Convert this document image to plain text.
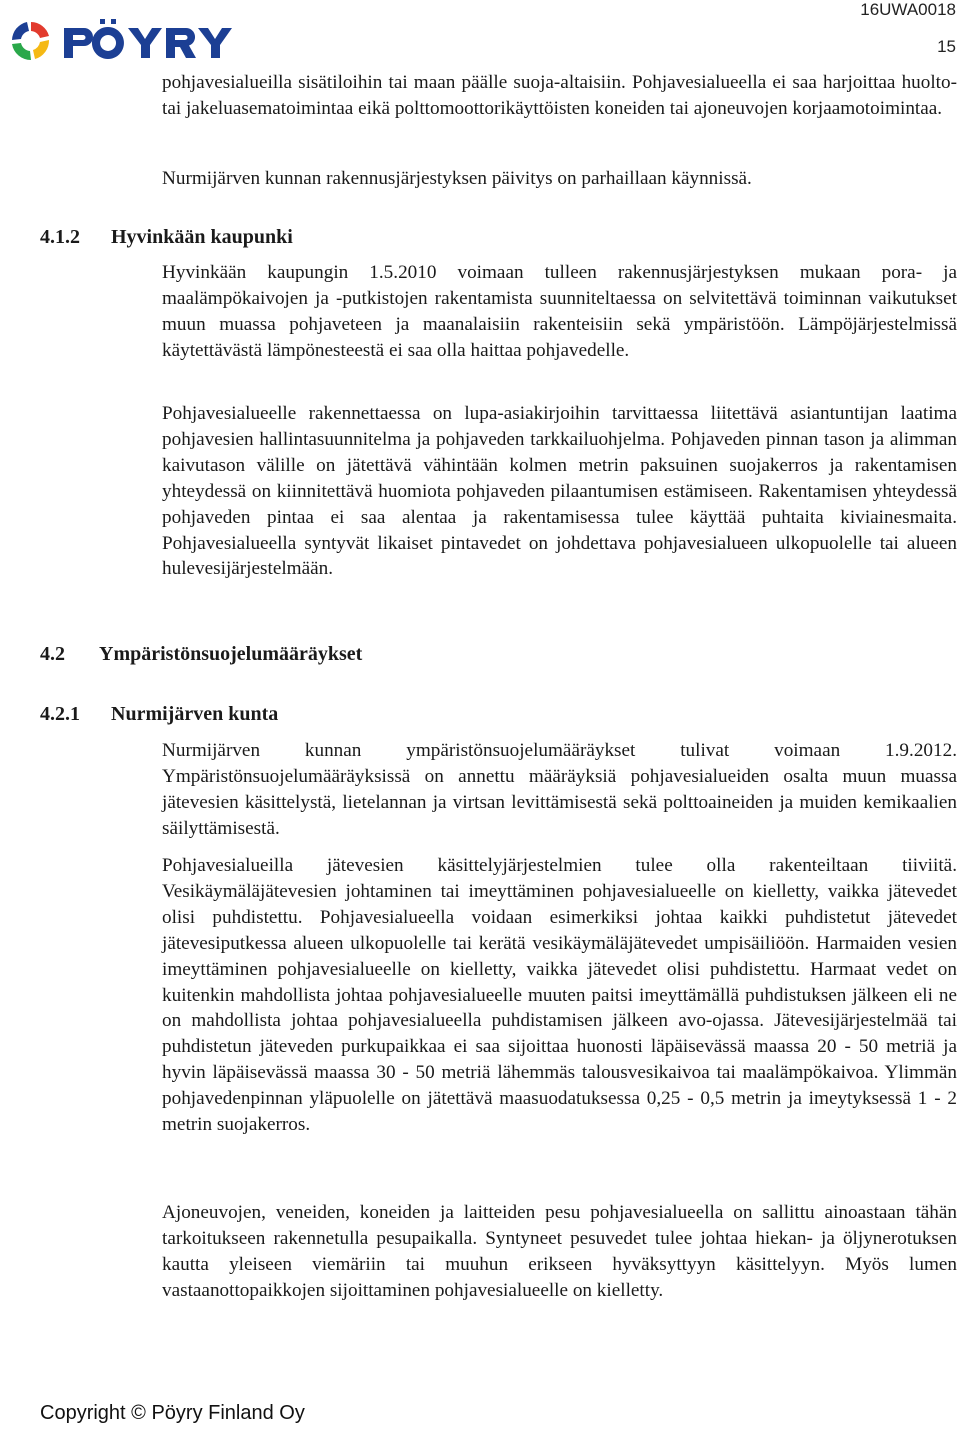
16UWA0018
15

pohjavesialueilla sisätiloihin tai maan päälle suoja-altaisiin. Pohjavesialueella ei saa harjoittaa huolto- tai jakeluasematoimintaa eikä polttomoottorikäyttöisten koneiden tai ajoneuvojen korjaamotoimintaa.

Nurmijärven kunnan rakennusjärjestyksen päivitys on parhaillaan käynnissä.

4.1.2 Hyvinkään kaupunki

Hyvinkään kaupungin 1.5.2010 voimaan tulleen rakennusjärjestyksen mukaan pora- ja maalämpökaivojen ja -putkistojen rakentamista suunniteltaessa on selvitettävä toiminnan vaikutukset muun muassa pohjaveteen ja maanalaisiin rakenteisiin sekä ympäristöön. Lämpöjärjestelmissä käytettävästä lämpönesteestä ei saa olla haittaa pohjavedelle.

Pohjavesialueelle rakennettaessa on lupa-asiakirjoihin tarvittaessa liitettävä asiantuntijan laatima pohjavesien hallintasuunnitelma ja pohjaveden tarkkailuohjelma. Pohjaveden pinnan tason ja alimman kaivutason välille on jätettävä vähintään kolmen metrin paksuinen suojakerros ja rakentamisen yhteydessä on kiinnitettävä huomiota pohjaveden pilaantumisen estämiseen. Rakentamisen yhteydessä pohjaveden pintaa ei saa alentaa ja rakentamisessa tulee käyttää puhtaita kiviainesmaita. Pohjavesialueella syntyvät likaiset pintavedet on johdettava pohjavesialueen ulkopuolelle tai alueen hulevesijärjestelmään.

4.2 Ympäristönsuojelumääräykset
4.2.1 Nurmijärven kunta

Nurmijärven kunnan ympäristönsuojelumääräykset tulivat voimaan 1.9.2012. Ympäristönsuojelumääräyksissä on annettu määräyksiä pohjavesialueiden osalta muun muassa jätevesien käsittelystä, lietelannan ja virtsan levittämisestä sekä polttoaineiden ja muiden kemikaalien säilyttämisestä.

Pohjavesialueilla jätevesien käsittelyjärjestelmien tulee olla rakenteiltaan tiiviitä. Vesikäymäläjätevesien johtaminen tai imeyttäminen pohjavesialueelle on kielletty, vaikka jätevedet olisi puhdistettu. Pohjavesialueella voidaan esimerkiksi johtaa kaikki puhdistetut jätevedet jätevesiputkessa alueen ulkopuolelle tai kerätä vesikäymäläjätevedet umpisäiliöön. Harmaiden vesien imeyttäminen pohjavesialueelle on kielletty, vaikka jätevedet olisi puhdistettu. Harmaat vedet on kuitenkin mahdollista johtaa pohjavesialueelle muuten paitsi imeyttämällä puhdistuksen jälkeen eli ne on mahdollista johtaa pohjavesialueella puhdistamisen jälkeen avo-ojassa. Jätevesijärjestelmää tai puhdistetun jäteveden purkupaikkaa ei saa sijoittaa huonosti läpäisevässä maassa 20 - 50 metriä ja hyvin läpäisevässä maassa 30 - 50 metriä lähemmäs talousvesikaivoa tai maalämpökaivoa. Ylimmän pohjavedenpinnan yläpuolelle on jätettävä maasuodatuksessa 0,25 - 0,5 metrin ja imeytyksessä 1 - 2 metrin suojakerros.

Ajoneuvojen, veneiden, koneiden ja laitteiden pesu pohjavesialueella on sallittu ainoastaan tähän tarkoitukseen rakennetulla pesupaikalla. Syntyneet pesuvedet tulee johtaa hiekan- ja öljynerotuksen kautta yleiseen viemäriin tai muuhun erikseen hyväksyttyyn käsittelyyn. Myös lumen vastaanottopaikkojen sijoittaminen pohjavesialueelle on kielletty.

Copyright © Pöyry Finland Oy
